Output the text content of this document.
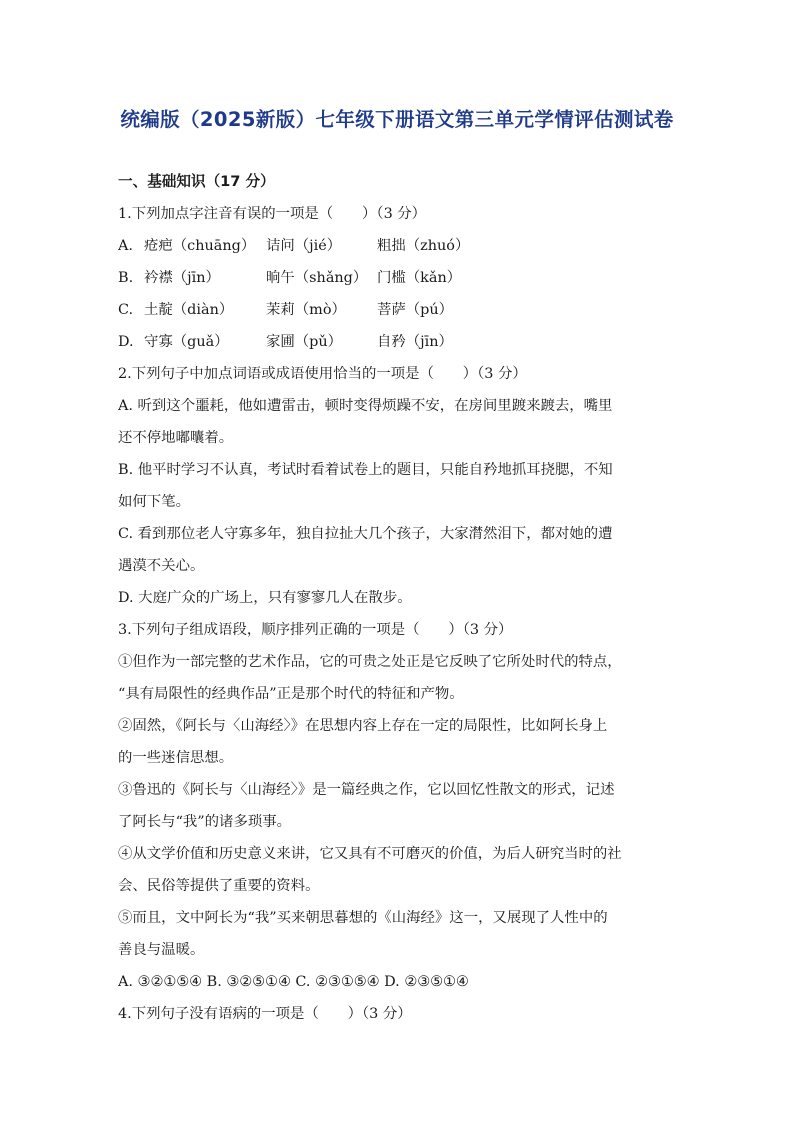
统编版（2025新版）七年级下册语文第三单元学情评估测试卷
一、基础知识（17 分）
1.下列加点字注音有误的一项是（　　）（3 分）
A. 疮疤（chuāng） 诘问（jié） 粗拙（zhuó）
B. 衿襟（jīn）	晌午（shǎng） 门槛（kǎn）
C. 土靛（diàn） 茉莉（mò） 菩萨（pú）
D. 守寡（guǎ）	家圃（pǔ） 自矜（jīn）
2.下列句子中加点词语或成语使用恰当的一项是（　　）（3 分）
A. 听到这个噩耗，他如遭雷击，顿时变得烦躁不安，在房间里踱来踱去，嘴里
还不停地嘟囔着。
B. 他平时学习不认真，考试时看着试卷上的题目，只能自矜地抓耳挠腮，不知
如何下笔。
C. 看到那位老人守寡多年，独自拉扯大几个孩子，大家潸然泪下，都对她的遭
遇漠不关心。
D. 大庭广众的广场上，只有寥寥几人在散步。
3.下列句子组成语段，顺序排列正确的一项是（　　）（3 分）
①但作为一部完整的艺术作品，它的可贵之处正是它反映了它所处时代的特点，
“具有局限性的经典作品”正是那个时代的特征和产物。
②固然，《阿长与〈山海经〉》在思想内容上存在一定的局限性，比如阿长身上
的一些迷信思想。
③鲁迅的《阿长与〈山海经〉》是一篇经典之作，它以回忆性散文的形式，记述
了阿长与“我”的诸多琐事。
④从文学价值和历史意义来讲，它又具有不可磨灭的价值，为后人研究当时的社
会、民俗等提供了重要的资料。
⑤而且，文中阿长为“我”买来朝思暮想的《山海经》这一，又展现了人性中的
善良与温暖。
A. ③②①⑤④ B. ③②⑤①④ C. ②③①⑤④ D. ②③⑤①④
4.下列句子没有语病的一项是（　　）（3 分）
